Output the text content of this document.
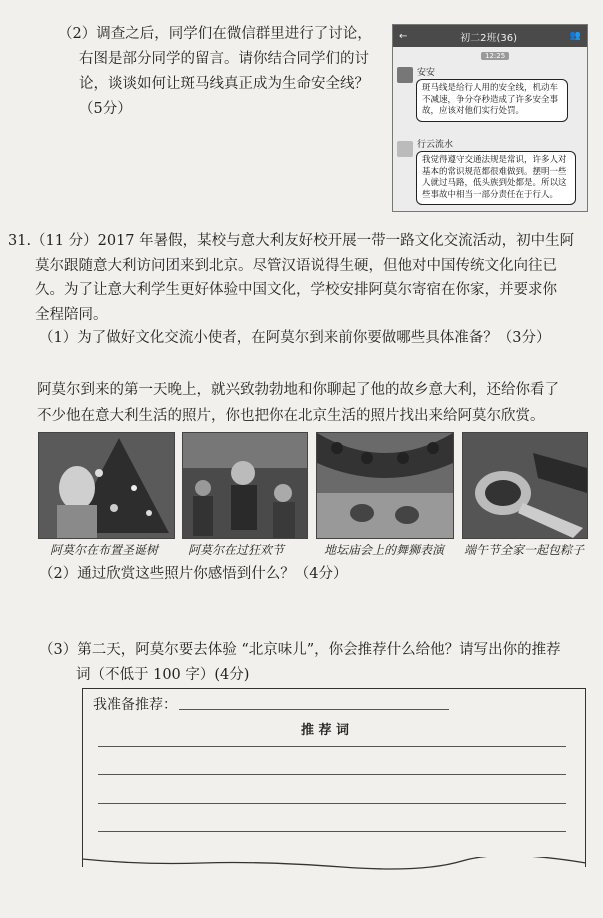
（2）调查之后，同学们在微信群里进行了讨论，
右图是部分同学的留言。请你结合同学们的讨
论，谈谈如何让斑马线真正成为生命安全线？
（5分）
←	初二2班(36)	👥
12:25
安安
斑马线是给行人用的安全线，机动车不减速，争分夺秒造成了许多安全事故，应该对他们实行处罚。
行云流水
我觉得遵守交通法规是常识，许多人对基本的常识规范都很难做到。摆明一些人就过马路，低头族到处都是。所以这些事故中相当一部分责任在于行人。
31.（11 分）2017 年暑假，某校与意大利友好校开展一带一路文化交流活动，初中生阿
莫尔跟随意大利访问团来到北京。尽管汉语说得生硬，但他对中国传统文化向往已
久。为了让意大利学生更好体验中国文化，学校安排阿莫尔寄宿在你家，并要求你
全程陪同。
（1）为了做好文化交流小使者，在阿莫尔到来前你要做哪些具体准备？（3分）
阿莫尔到来的第一天晚上，就兴致勃勃地和你聊起了他的故乡意大利，还给你看了
不少他在意大利生活的照片，你也把你在北京生活的照片找出来给阿莫尔欣赏。
阿莫尔在布置圣诞树 阿莫尔在过狂欢节	地坛庙会上的舞狮表演 端午节全家一起包粽子
（2）通过欣赏这些照片你感悟到什么？（4分）
（3）第二天，阿莫尔要去体验 “北京味儿”，你会推荐什么给他？请写出你的推荐
词（不低于 100 字）(4分)
我准备推荐：
推 荐 词
